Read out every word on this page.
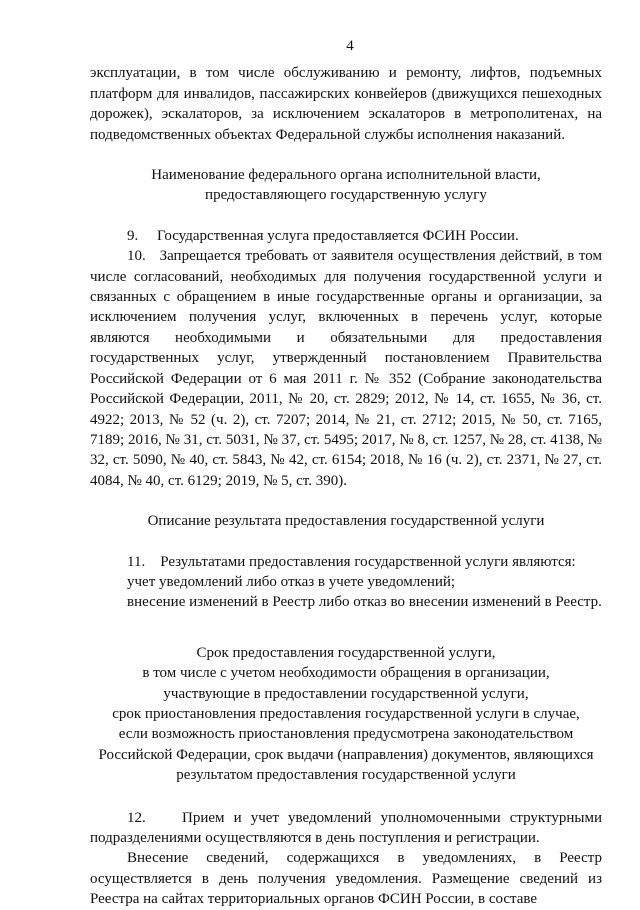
4

эксплуатации, в том числе обслуживанию и ремонту, лифтов, подъемных платформ для инвалидов, пассажирских конвейеров (движущихся пешеходных дорожек), эскалаторов, за исключением эскалаторов в метрополитенах, на подведомственных объектах Федеральной службы исполнения наказаний.

Наименование федерального органа исполнительной власти,
предоставляющего государственную услугу

9.     Государственная услуга предоставляется ФСИН России.

10.   Запрещается требовать от заявителя осуществления действий, в том числе согласований, необходимых для получения государственной услуги и связанных с обращением в иные государственные органы и организации, за исключением получения услуг, включенных в перечень услуг, которые являются необходимыми и обязательными для предоставления государственных услуг, утвержденный постановлением Правительства Российской Федерации от 6 мая 2011 г. № 352 (Собрание законодательства Российской Федерации, 2011, № 20, ст. 2829; 2012, № 14, ст. 1655, № 36, ст. 4922; 2013, № 52 (ч. 2), ст. 7207; 2014, № 21, ст. 2712; 2015, № 50, ст. 7165, 7189; 2016, № 31, ст. 5031, № 37, ст. 5495; 2017, № 8, ст. 1257, № 28, ст. 4138, № 32, ст. 5090, № 40, ст. 5843, № 42, ст. 6154; 2018, № 16 (ч. 2), ст. 2371, № 27, ст. 4084, № 40, ст. 6129; 2019, № 5, ст. 390).

Описание результата предоставления государственной услуги

11.    Результатами предоставления государственной услуги являются:

учет уведомлений либо отказ в учете уведомлений;

внесение изменений в Реестр либо отказ во внесении изменений в Реестр.

Срок предоставления государственной услуги,
в том числе с учетом необходимости обращения в организации,
участвующие в предоставлении государственной услуги,
срок приостановления предоставления государственной услуги в случае,
если возможность приостановления предусмотрена законодательством
Российской Федерации, срок выдачи (направления) документов, являющихся
результатом предоставления государственной услуги

12.    Прием и учет уведомлений уполномоченными структурными подразделениями осуществляются в день поступления и регистрации.

Внесение сведений, содержащихся в уведомлениях, в Реестр осуществляется в день получения уведомления. Размещение сведений из Реестра на сайтах территориальных органов ФСИН России, в составе
